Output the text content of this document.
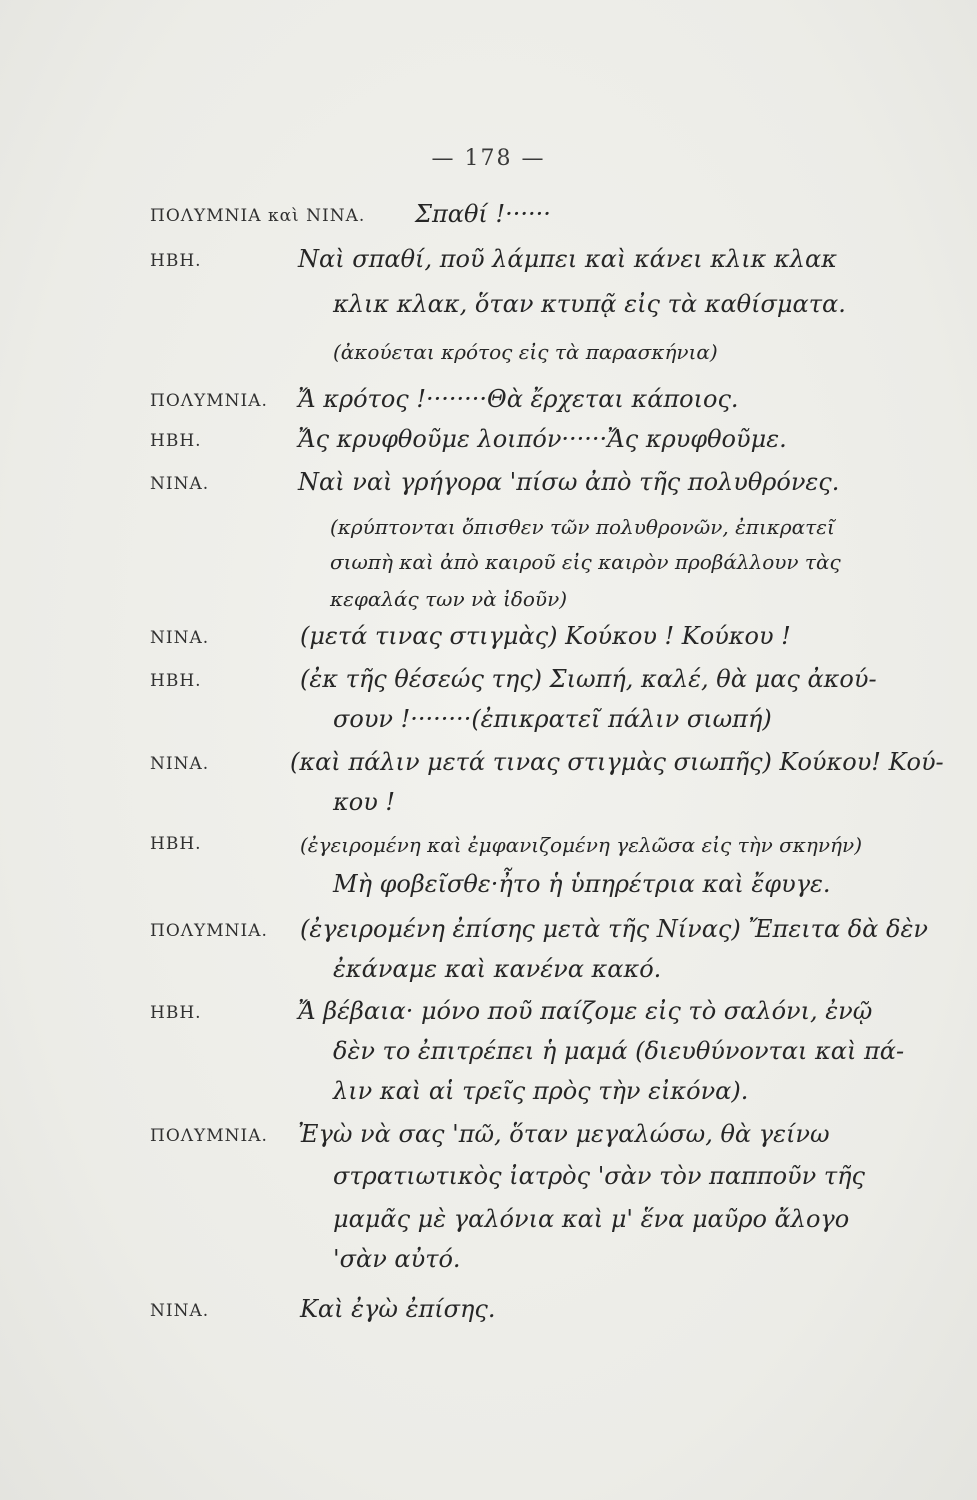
— 178 —
ΠΟΛΥΜΝΙΑ καὶ ΝΙΝΑ. Σπαθί !······
ΗΒΗ.	Ναὶ σπαθί, ποῦ λάμπει καὶ κάνει κλικ κλακ
κλικ κλακ, ὅταν κτυπᾷ εἰς τὰ καθίσματα.
(ἀκούεται κρότος εἰς τὰ παρασκήνια)
ΠΟΛΥΜΝΙΑ. Ἄ κρότος !········Θὰ ἔρχεται κάποιος.
ΗΒΗ.	Ἄς κρυφθοῦμε λοιπόν······Ἄς κρυφθοῦμε.
ΝΙΝΑ.	Ναὶ ναὶ γρήγορα 'πίσω ἀπὸ τῆς πολυθρόνες.
(κρύπτονται ὄπισθεν τῶν πολυθρονῶν, ἐπικρατεῖ
σιωπὴ καὶ ἀπὸ καιροῦ εἰς καιρὸν προβάλλουν τὰς
κεφαλάς των νὰ ἰδοῦν)
ΝΙΝΑ.	(μετά τινας στιγμὰς) Κούκου ! Κούκου !
ΗΒΗ.	(ἐκ τῆς θέσεώς της) Σιωπή, καλέ, θὰ μας ἀκού-
σουν !········(ἐπικρατεῖ πάλιν σιωπή)
ΝΙΝΑ.	(καὶ πάλιν μετά τινας στιγμὰς σιωπῆς) Κούκου! Κού-
κου !
ΗΒΗ.	(ἐγειρομένη καὶ ἐμφανιζομένη γελῶσα εἰς τὴν σκηνήν)
Μὴ φοβεῖσθε·ἦτο ἡ ὑπηρέτρια καὶ ἔφυγε.
ΠΟΛΥΜΝΙΑ. (ἐγειρομένη ἐπίσης μετὰ τῆς Νίνας) Ἔπειτα δὰ δὲν
ἐκάναμε καὶ κανένα κακό.
ΗΒΗ.	Ἄ βέβαια· μόνο ποῦ παίζομε εἰς τὸ σαλόνι, ἐνῷ
δὲν το ἐπιτρέπει ἡ μαμά (διευθύνονται καὶ πά-
λιν καὶ αἱ τρεῖς πρὸς τὴν εἰκόνα).
ΠΟΛΥΜΝΙΑ. Ἐγὼ νὰ σας 'πῶ, ὅταν μεγαλώσω, θὰ γείνω
στρατιωτικὸς ἰατρὸς 'σὰν τὸν παπποῦν τῆς
μαμᾶς μὲ γαλόνια καὶ μ' ἕνα μαῦρο ἄλογο
'σὰν αὐτό.
ΝΙΝΑ.	Καὶ ἐγὼ ἐπίσης.
